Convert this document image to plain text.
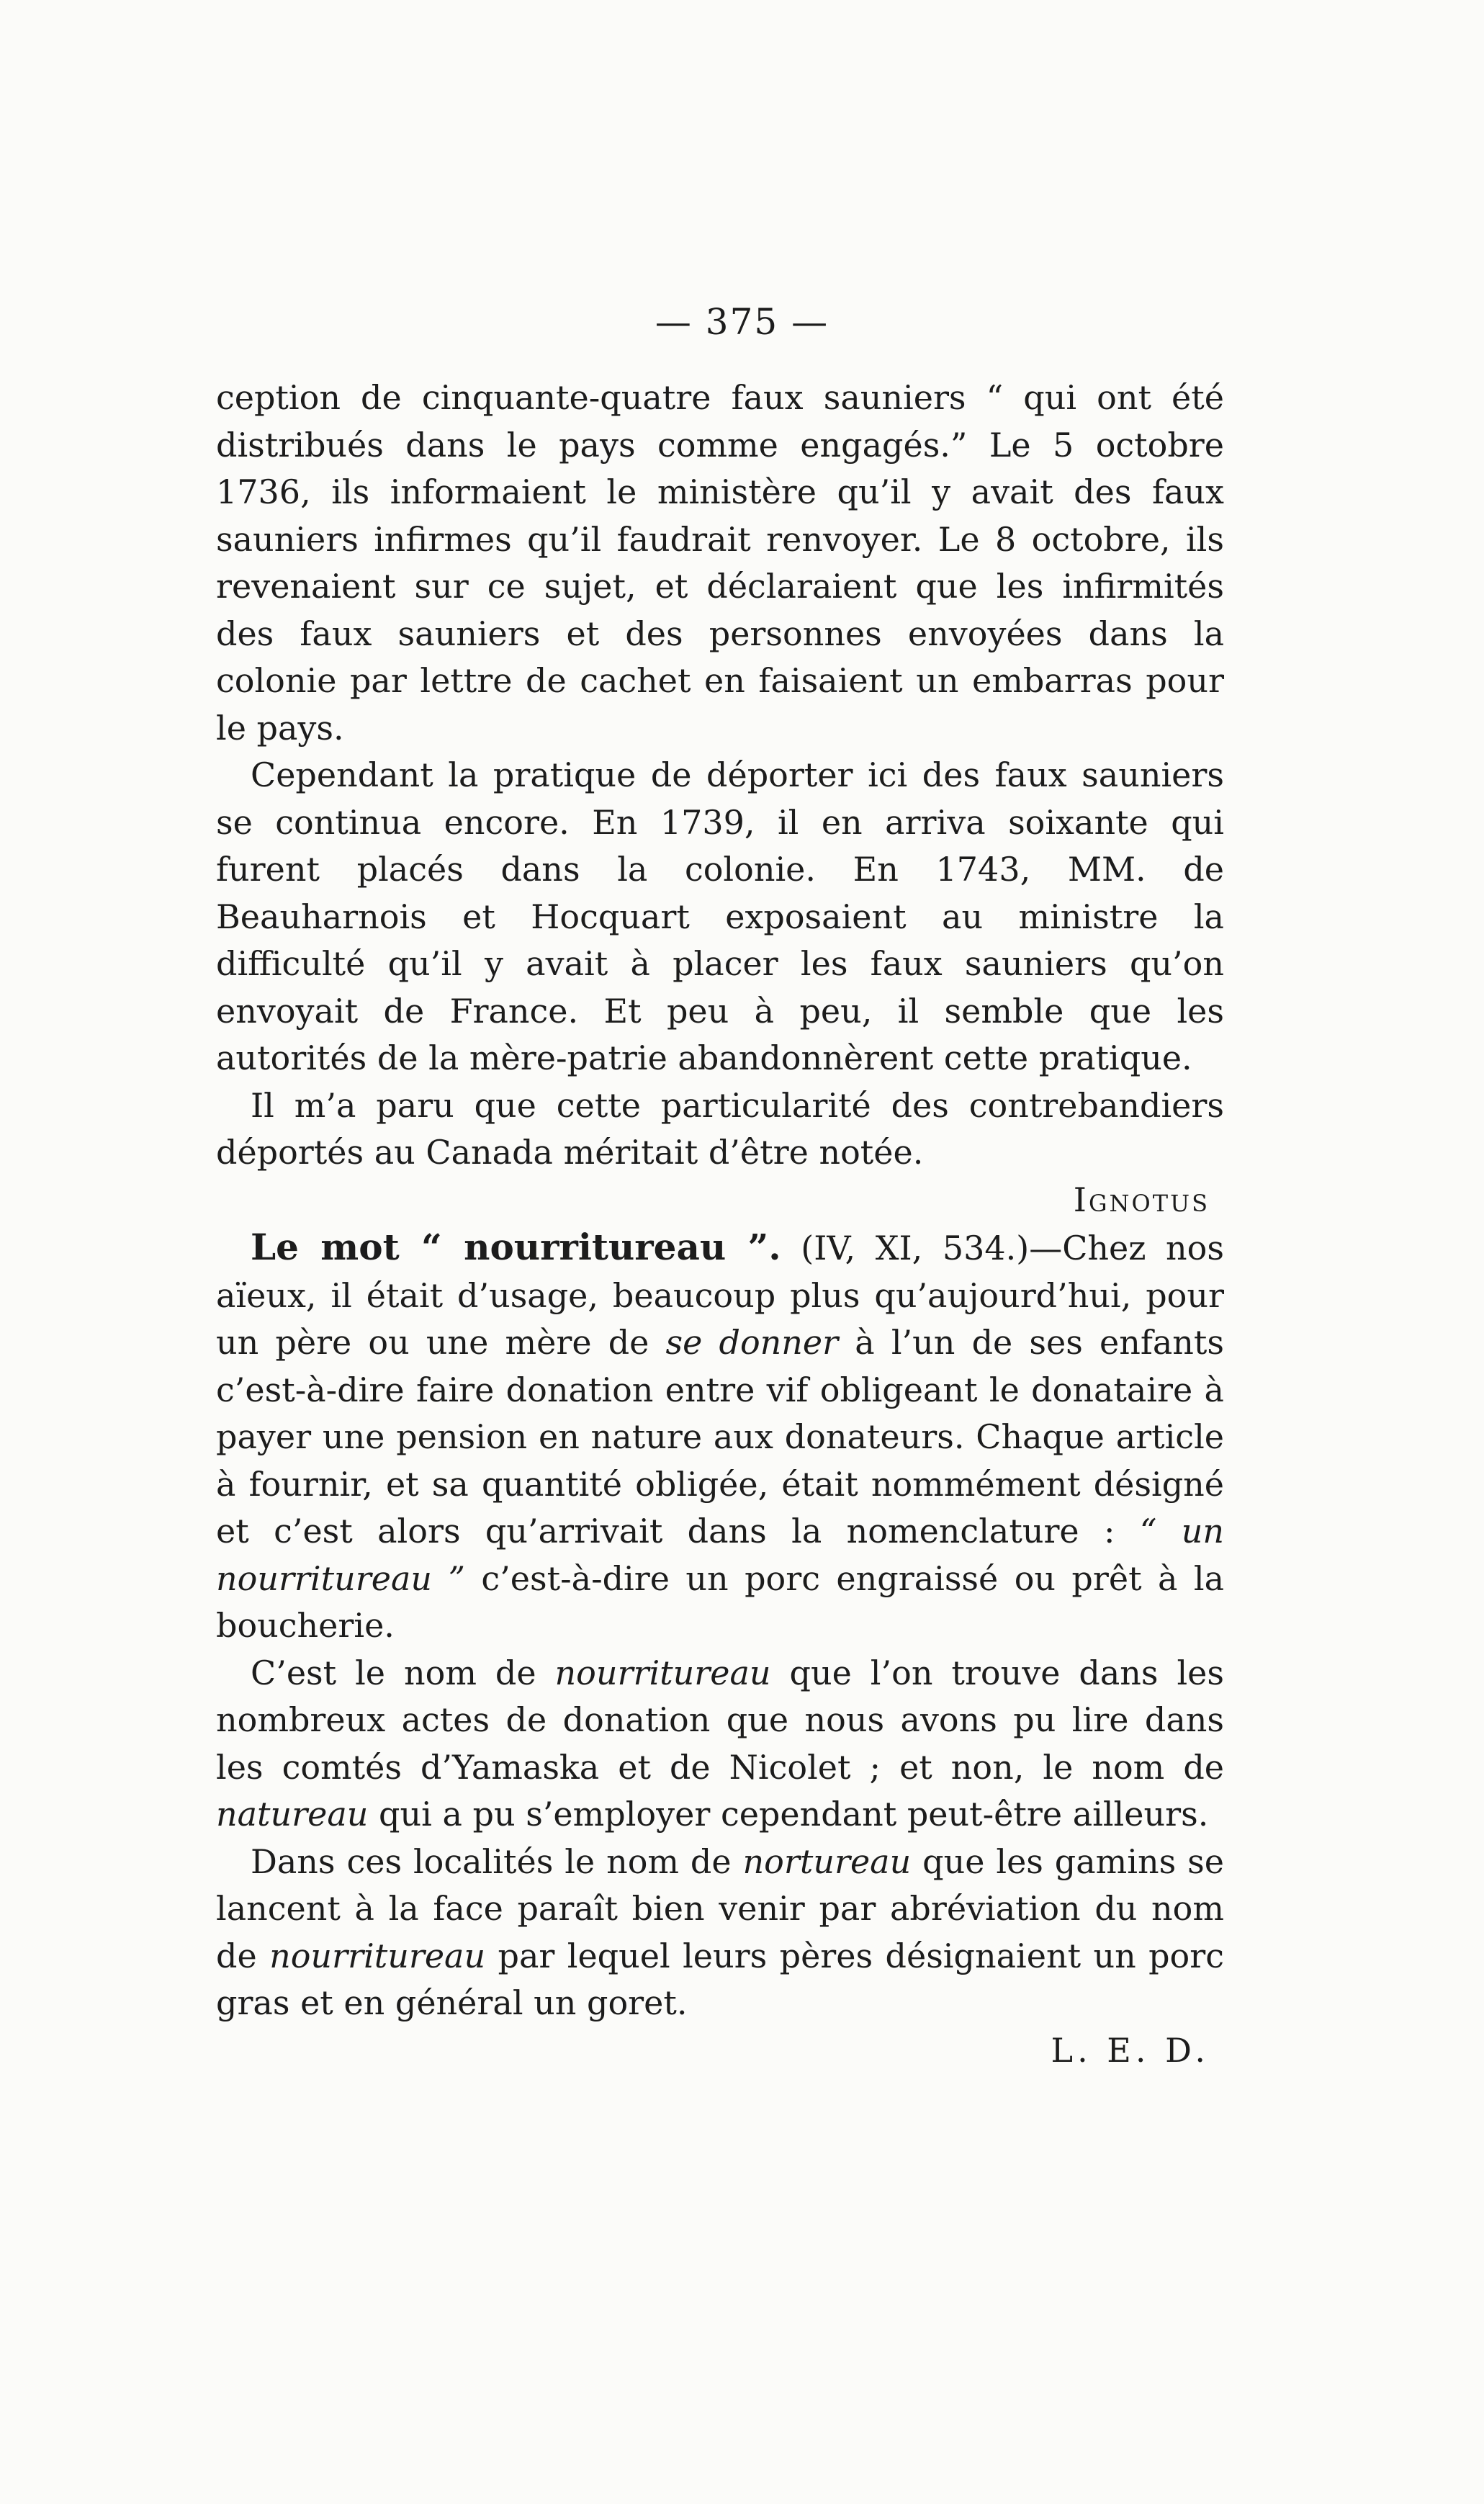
— 375 —

ception de cinquante-quatre faux sauniers “ qui ont été distribués dans le pays comme engagés.” Le 5 octobre 1736, ils informaient le ministère qu’il y avait des faux sauniers infirmes qu’il faudrait renvoyer. Le 8 octobre, ils revenaient sur ce sujet, et déclaraient que les infirmités des faux sauniers et des personnes envoyées dans la colonie par lettre de cachet en faisaient un embarras pour le pays.

Cependant la pratique de déporter ici des faux sauniers se continua encore. En 1739, il en arriva soixante qui furent placés dans la colonie. En 1743, MM. de Beauharnois et Hocquart exposaient au ministre la difficulté qu’il y avait à placer les faux sauniers qu’on envoyait de France. Et peu à peu, il semble que les autorités de la mère-patrie abandonnèrent cette pratique.

Il m’a paru que cette particularité des contrebandiers déportés au Canada méritait d’être notée.

Ignotus

Le mot “ nourritureau ”. (IV, XI, 534.)—Chez nos aïeux, il était d’usage, beaucoup plus qu’aujourd’hui, pour un père ou une mère de se donner à l’un de ses enfants c’est-à-dire faire donation entre vif obligeant le donataire à payer une pension en nature aux donateurs. Chaque article à fournir, et sa quantité obligée, était nommément désigné et c’est alors qu’arrivait dans la nomenclature : “ un nourritureau ” c’est-à-dire un porc engraissé ou prêt à la boucherie.

C’est le nom de nourritureau que l’on trouve dans les nombreux actes de donation que nous avons pu lire dans les comtés d’Yamaska et de Nicolet ; et non, le nom de natureau qui a pu s’employer cependant peut-être ailleurs.

Dans ces localités le nom de nortureau que les gamins se lancent à la face paraît bien venir par abréviation du nom de nourritureau par lequel leurs pères désignaient un porc gras et en général un goret.

L. E. D.
